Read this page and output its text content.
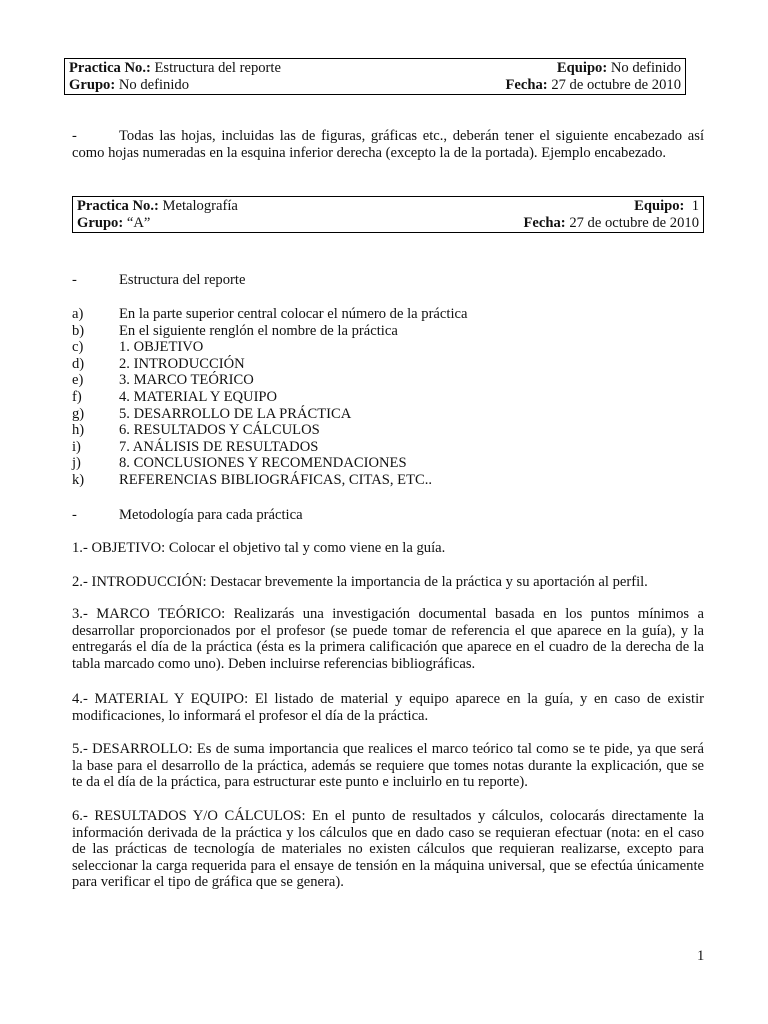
Practica No.: Estructura del reporte	Equipo: No definido
Grupo: No definido	Fecha: 27 de octubre de 2010
-	Todas las hojas, incluidas las de figuras, gráficas etc., deberán tener el siguiente encabezado así como hojas numeradas en la esquina inferior derecha (excepto la de la portada). Ejemplo encabezado.
Practica No.: Metalografía	Equipo: 1
Grupo: “A”	Fecha: 27 de octubre de 2010
-	Estructura del reporte
a) En la parte superior central colocar el número de la práctica
b) En el siguiente renglón el nombre de la práctica
c) 1. OBJETIVO
d) 2. INTRODUCCIÓN
e) 3. MARCO TEÓRICO
f)	4. MATERIAL Y EQUIPO
g) 5. DESARROLLO DE LA PRÁCTICA
h) 6. RESULTADOS Y CÁLCULOS
i)	7. ANÁLISIS DE RESULTADOS
j)	8. CONCLUSIONES Y RECOMENDACIONES
k) REFERENCIAS BIBLIOGRÁFICAS, CITAS, ETC..
-	Metodología para cada práctica
1.- OBJETIVO: Colocar el objetivo tal y como viene en la guía.
2.- INTRODUCCIÓN: Destacar brevemente la importancia de la práctica y su aportación al perfil.
3.- MARCO TEÓRICO: Realizarás una investigación documental basada en los puntos mínimos a desarrollar proporcionados por el profesor (se puede tomar de referencia el que aparece en la guía), y la entregarás el día de la práctica (ésta es la primera calificación que aparece en el cuadro de la derecha de la tabla marcado como uno). Deben incluirse referencias bibliográficas.
4.- MATERIAL Y EQUIPO: El listado de material y equipo aparece en la guía, y en caso de existir modificaciones, lo informará el profesor el día de la práctica.
5.- DESARROLLO: Es de suma importancia que realices el marco teórico tal como se te pide, ya que será la base para el desarrollo de la práctica, además se requiere que tomes notas durante la explicación, que se te da el día de la práctica, para estructurar este punto e incluirlo en tu reporte).
6.- RESULTADOS Y/O CÁLCULOS: En el punto de resultados y cálculos, colocarás directamente la información derivada de la práctica y los cálculos que en dado caso se requieran efectuar (nota: en el caso de las prácticas de tecnología de materiales no existen cálculos que requieran realizarse, excepto para seleccionar la carga requerida para el ensaye de tensión en la máquina universal, que se efectúa únicamente para verificar el tipo de gráfica que se genera).
1
